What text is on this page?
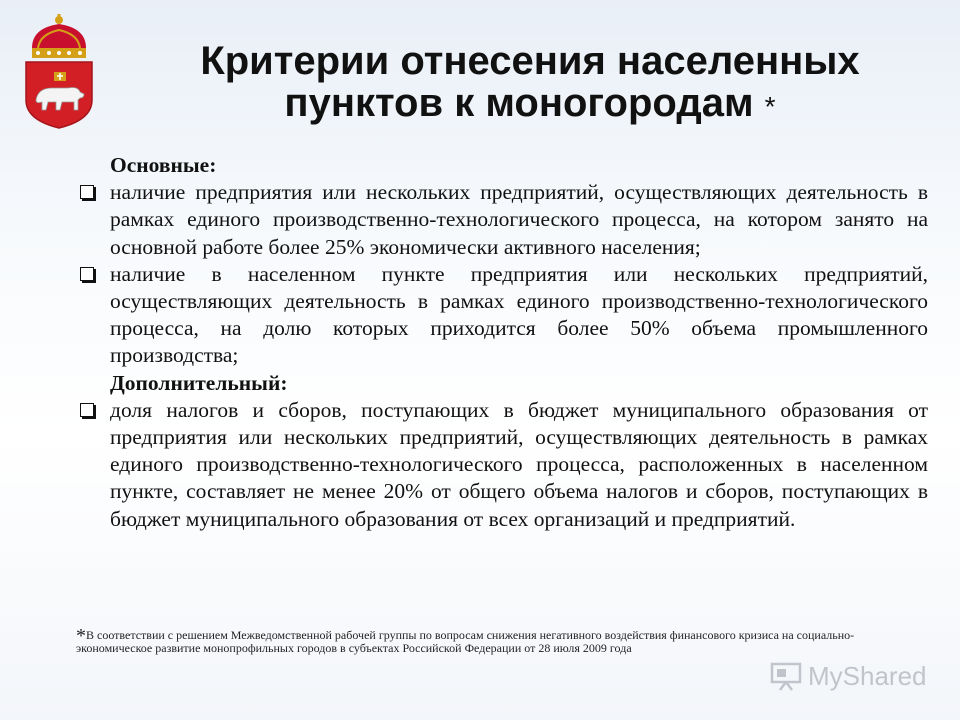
Критерии отнесения населенных
пунктов к моногородам *
Основные:
наличие предприятия или нескольких предприятий, осуществляющих деятельность в рамках единого производственно-технологического процесса, на котором занято на основной работе более 25% экономически активного населения;
наличие в населенном пункте предприятия или нескольких предприятий, осуществляющих деятельность в рамках единого производственно-технологического процесса, на долю которых приходится более 50% объема промышленного производства;
Дополнительный:
доля налогов и сборов, поступающих в бюджет муниципального образования от предприятия или нескольких предприятий, осуществляющих деятельность в рамках единого производственно-технологического процесса, расположенных в населенном пункте, составляет не менее 20% от общего объема налогов и сборов, поступающих в бюджет муниципального образования от всех организаций и предприятий.
*В соответствии с решением Межведомственной рабочей группы по вопросам снижения негативного воздействия финансового кризиса на социально-экономическое развитие монопрофильных городов в субъектах Российской Федерации от 28 июля 2009 года
MyShared
